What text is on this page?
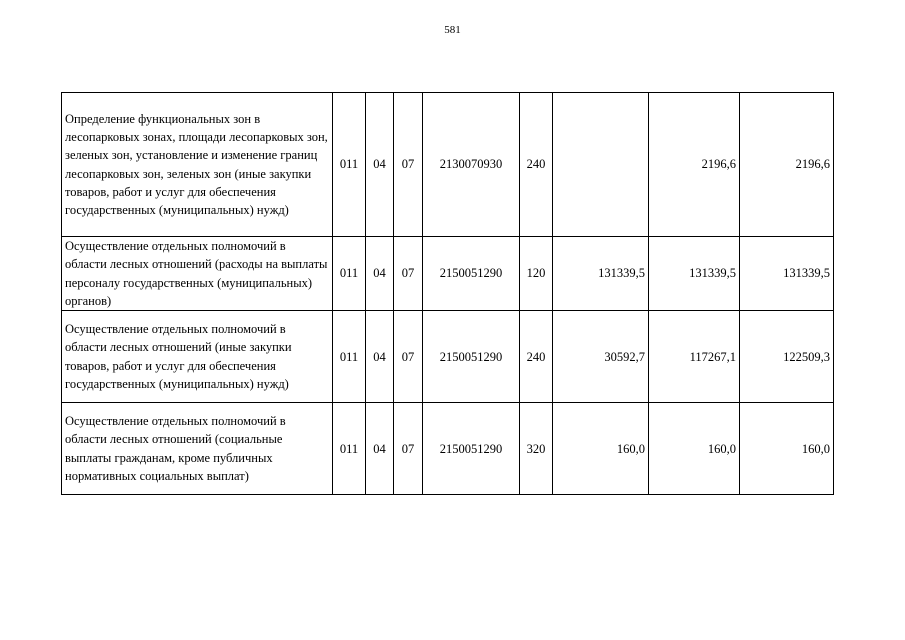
581
Определение функциональных зон в лесопарковых зонах, площади лесопарковых зон, зеленых зон, установление и изменение границ лесопарковых зон, зеленых зон (иные закупки товаров, работ и услуг для обеспечения государственных (муниципальных) нужд)	011	04	07	2130070930	240		2196,6	2196,6
Осуществление отдельных полномочий в области лесных отношений (расходы на выплаты персоналу государственных (муниципальных) органов)	011	04	07	2150051290	120	131339,5	131339,5	131339,5
Осуществление отдельных полномочий в области лесных отношений (иные закупки товаров, работ и услуг для обеспечения государственных (муниципальных) нужд)	011	04	07	2150051290	240	30592,7	117267,1	122509,3
Осуществление отдельных полномочий в области лесных отношений (социальные выплаты гражданам, кроме публичных нормативных социальных выплат)	011	04	07	2150051290	320	160,0	160,0	160,0
